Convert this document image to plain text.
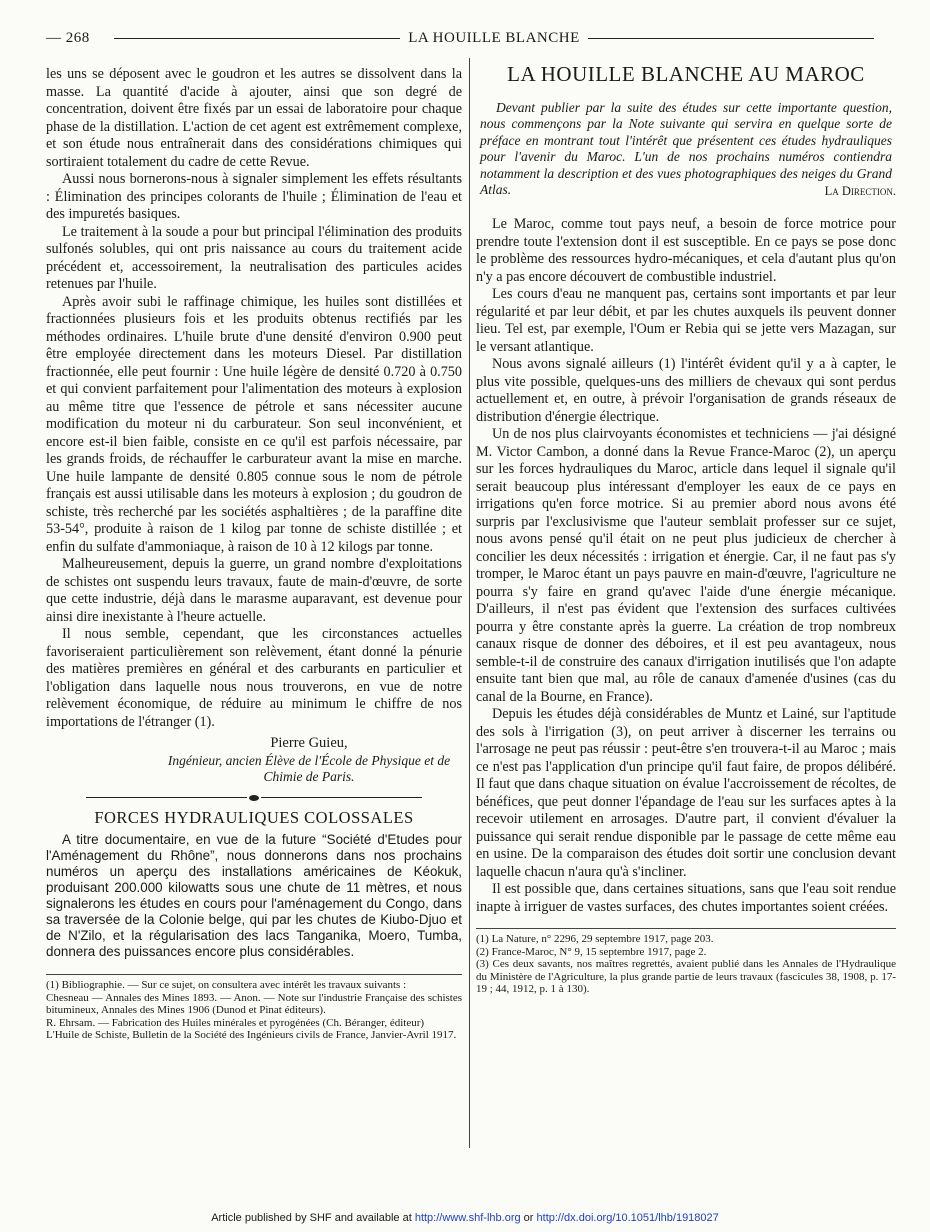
— 268	LA HOUILLE BLANCHE

les uns se déposent avec le goudron et les autres se dissolvent dans la masse. La quantité d'acide à ajouter, ainsi que son degré de concentration, doivent être fixés par un essai de laboratoire pour chaque phase de la distillation. L'action de cet agent est extrêmement complexe, et son étude nous entraînerait dans des considérations chimiques qui sortiraient totalement du cadre de cette Revue.

Aussi nous bornerons-nous à signaler simplement les effets résultants : Élimination des principes colorants de l'huile ; Élimination de l'eau et des impuretés basiques.

Le traitement à la soude a pour but principal l'élimination des produits sulfonés solubles, qui ont pris naissance au cours du traitement acide précédent et, accessoirement, la neutralisation des particules acides retenues par l'huile.

Après avoir subi le raffinage chimique, les huiles sont distillées et fractionnées plusieurs fois et les produits obtenus rectifiés par les méthodes ordinaires. L'huile brute d'une densité d'environ 0.900 peut être employée directement dans les moteurs Diesel. Par distillation fractionnée, elle peut fournir : Une huile légère de densité 0.720 à 0.750 et qui convient parfaitement pour l'alimentation des moteurs à explosion au même titre que l'essence de pétrole et sans nécessiter aucune modification du moteur ni du carburateur. Son seul inconvénient, et encore est-il bien faible, consiste en ce qu'il est parfois nécessaire, par les grands froids, de réchauffer le carburateur avant la mise en marche. Une huile lampante de densité 0.805 connue sous le nom de pétrole français est aussi utilisable dans les moteurs à explosion ; du goudron de schiste, très recherché par les sociétés asphaltières ; de la paraffine dite 53-54°, produite à raison de 1 kilog par tonne de schiste distillée ; et enfin du sulfate d'ammoniaque, à raison de 10 à 12 kilogs par tonne.

Malheureusement, depuis la guerre, un grand nombre d'exploitations de schistes ont suspendu leurs travaux, faute de main-d'œuvre, de sorte que cette industrie, déjà dans le marasme auparavant, est devenue pour ainsi dire inexistante à l'heure actuelle.

Il nous semble, cependant, que les circonstances actuelles favoriseraient particulièrement son relèvement, étant donné la pénurie des matières premières en général et des carburants en particulier et l'obligation dans laquelle nous nous trouverons, en vue de notre relèvement économique, de réduire au minimum le chiffre de nos importations de l'étranger (1).

Pierre Guieu,
Ingénieur, ancien Élève de l'École de Physique et de Chimie de Paris.
FORCES HYDRAULIQUES COLOSSALES

A titre documentaire, en vue de la future “Société d'Etudes pour l'Aménagement du Rhône”, nous donnerons dans nos prochains numéros un aperçu des installations américaines de Kéokuk, produisant 200.000 kilowatts sous une chute de 11 mètres, et nous signalerons les études en cours pour l'aménagement du Congo, dans sa traversée de la Colonie belge, qui par les chutes de Kiubo-Djuo et de N'Zilo, et la régularisation des lacs Tanganika, Moero, Tumba, donnera des puissances encore plus considérables.

(1) Bibliographie. — Sur ce sujet, on consultera avec intérêt les travaux suivants :
Chesneau — Annales des Mines 1893. — Anon. — Note sur l'industrie Française des schistes bitumineux, Annales des Mines 1906 (Dunod et Pinat éditeurs).
R. Ehrsam. — Fabrication des Huiles minérales et pyrogénées (Ch. Béranger, éditeur)
L'Huile de Schiste, Bulletin de la Société des Ingénieurs civils de France, Janvier-Avril 1917.
LA HOUILLE BLANCHE AU MAROC

Devant publier par la suite des études sur cette importante question, nous commençons par la Note suivante qui servira en quelque sorte de préface en montrant tout l'intérêt que présentent ces études hydrauliques pour l'avenir du Maroc. L'un de nos prochains numéros contiendra notamment la description et des vues photographiques des neiges du Grand Atlas.	La Direction.

Le Maroc, comme tout pays neuf, a besoin de force motrice pour prendre toute l'extension dont il est susceptible. En ce pays se pose donc le problème des ressources hydro-mécaniques, et cela d'autant plus qu'on n'y a pas encore découvert de combustible industriel.

Les cours d'eau ne manquent pas, certains sont importants et par leur régularité et par leur débit, et par les chutes auxquels ils peuvent donner lieu. Tel est, par exemple, l'Oum er Rebia qui se jette vers Mazagan, sur le versant atlantique.

Nous avons signalé ailleurs (1) l'intérêt évident qu'il y a à capter, le plus vite possible, quelques-uns des milliers de chevaux qui sont perdus actuellement et, en outre, à prévoir l'organisation de grands réseaux de distribution d'énergie électrique.

Un de nos plus clairvoyants économistes et techniciens — j'ai désigné M. Victor Cambon, a donné dans la Revue France-Maroc (2), un aperçu sur les forces hydrauliques du Maroc, article dans lequel il signale qu'il serait beaucoup plus intéressant d'employer les eaux de ce pays en irrigations qu'en force motrice. Si au premier abord nous avons été surpris par l'exclusivisme que l'auteur semblait professer sur ce sujet, nous avons pensé qu'il était on ne peut plus judicieux de chercher à concilier les deux nécessités : irrigation et énergie. Car, il ne faut pas s'y tromper, le Maroc étant un pays pauvre en main-d'œuvre, l'agriculture ne pourra s'y faire en grand qu'avec l'aide d'une énergie mécanique. D'ailleurs, il n'est pas évident que l'extension des surfaces cultivées pourra y être constante après la guerre. La création de trop nombreux canaux risque de donner des déboires, et il est peu avantageux, nous semble-t-il de construire des canaux d'irrigation inutilisés que l'on adapte ensuite tant bien que mal, au rôle de canaux d'amenée d'usines (cas du canal de la Bourne, en France).

Depuis les études déjà considérables de Muntz et Lainé, sur l'aptitude des sols à l'irrigation (3), on peut arriver à discerner les terrains ou l'arrosage ne peut pas réussir : peut-être s'en trouvera-t-il au Maroc ; mais ce n'est pas l'application d'un principe qu'il faut faire, de propos délibéré. Il faut que dans chaque situation on évalue l'accroissement de récoltes, de bénéfices, que peut donner l'épandage de l'eau sur les surfaces aptes à la recevoir utilement en arrosages. D'autre part, il convient d'évaluer la puissance qui serait rendue disponible par le passage de cette même eau en usine. De la comparaison des études doit sortir une conclusion devant laquelle chacun n'aura qu'à s'incliner.

Il est possible que, dans certaines situations, sans que l'eau soit rendue inapte à irriguer de vastes surfaces, des chutes importantes soient créées.

(1) La Nature, n° 2296, 29 septembre 1917, page 203.
(2) France-Maroc, N° 9, 15 septembre 1917, page 2.
(3) Ces deux savants, nos maîtres regrettés, avaient publié dans les Annales de l'Hydraulique du Ministère de l'Agriculture, la plus grande partie de leurs travaux (fascicules 38, 1908, p. 17-19 ; 44, 1912, p. 1 à 130).
Article published by SHF and available at http://www.shf-lhb.org or http://dx.doi.org/10.1051/lhb/1918027
